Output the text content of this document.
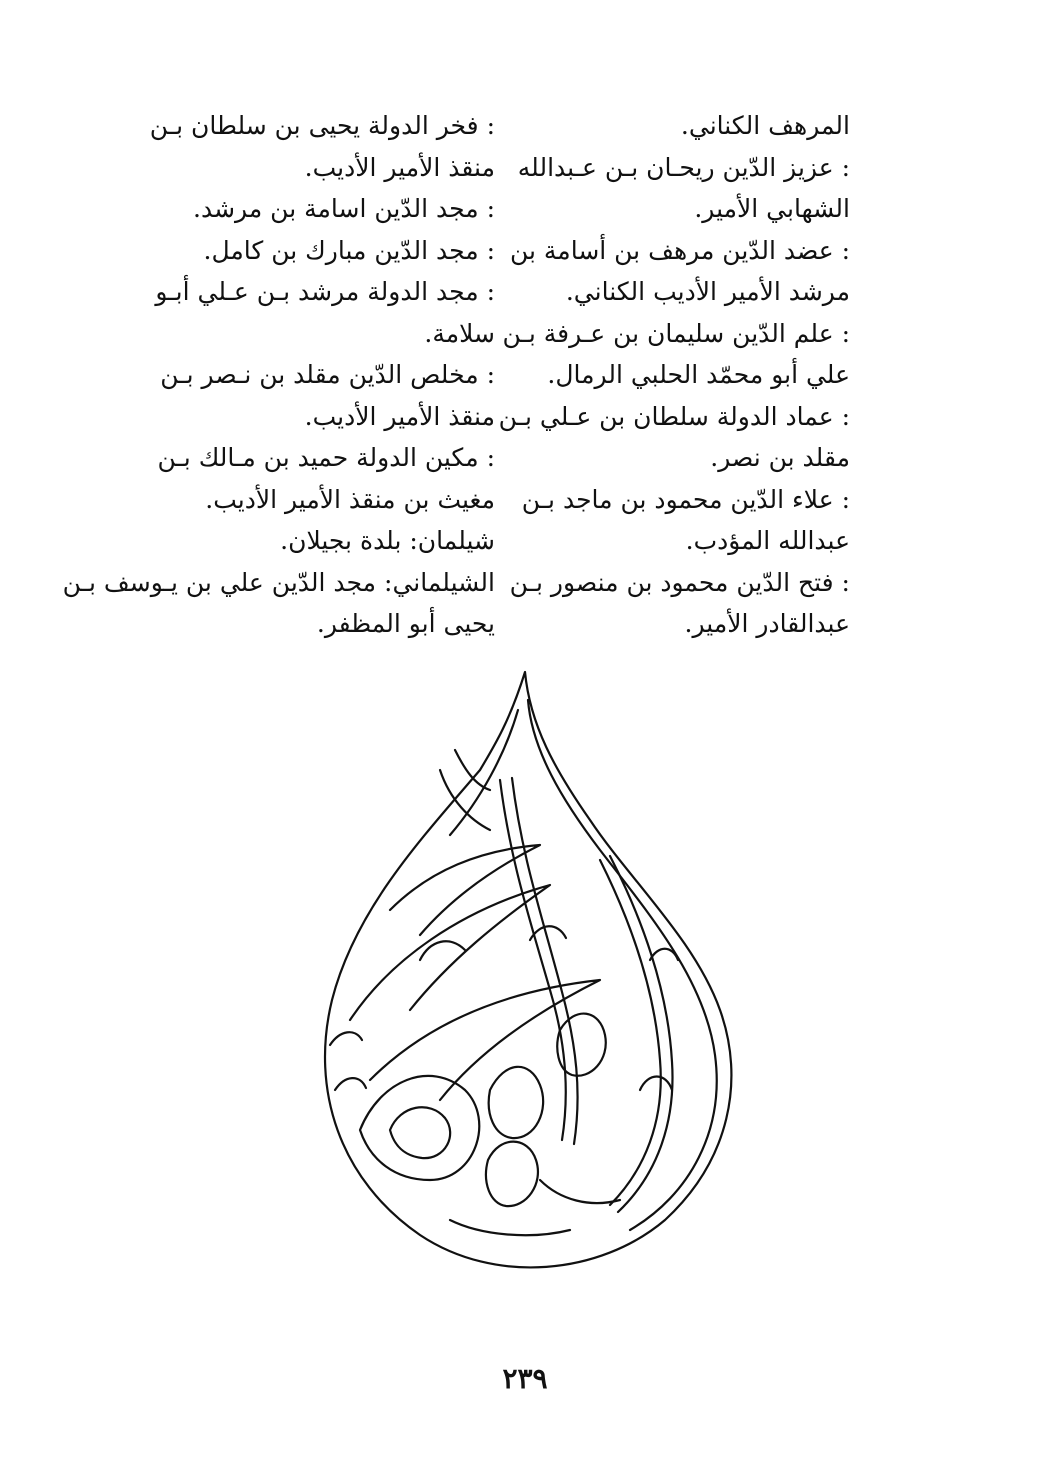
المرهف الكناني.
: عزيز الدّين ريحـان بـن عـبدالله
الشهابي الأمير.
: عضد الدّين مرهف بن أسامة بن
مرشد الأمير الأديب الكناني.
: علم الدّين سليمان بن عـرفة بـن
علي أبو محمّد الحلبي الرمال.
: عماد الدولة سلطان بن عـلي بـن
مقلد بن نصر.
: علاء الدّين محمود بن ماجد بـن
عبدالله المؤدب.
: فتح الدّين محمود بن منصور بـن
عبدالقادر الأمير.
: فخر الدولة يحيى بن سلطان بـن
منقذ الأمير الأديب.
: مجد الدّين اسامة بن مرشد.
: مجد الدّين مبارك بن كامل.
: مجد الدولة مرشد بـن عـلي أبـو
سلامة.
: مخلص الدّين مقلد بن نـصر بـن
منقذ الأمير الأديب.
: مكين الدولة حميد بن مـالك بـن
مغيث بن منقذ الأمير الأديب.
شيلمان: بلدة بجيلان.
الشيلماني: مجد الدّين علي بن يـوسف بـن
يحيى أبو المظفر.
٢٣٩
